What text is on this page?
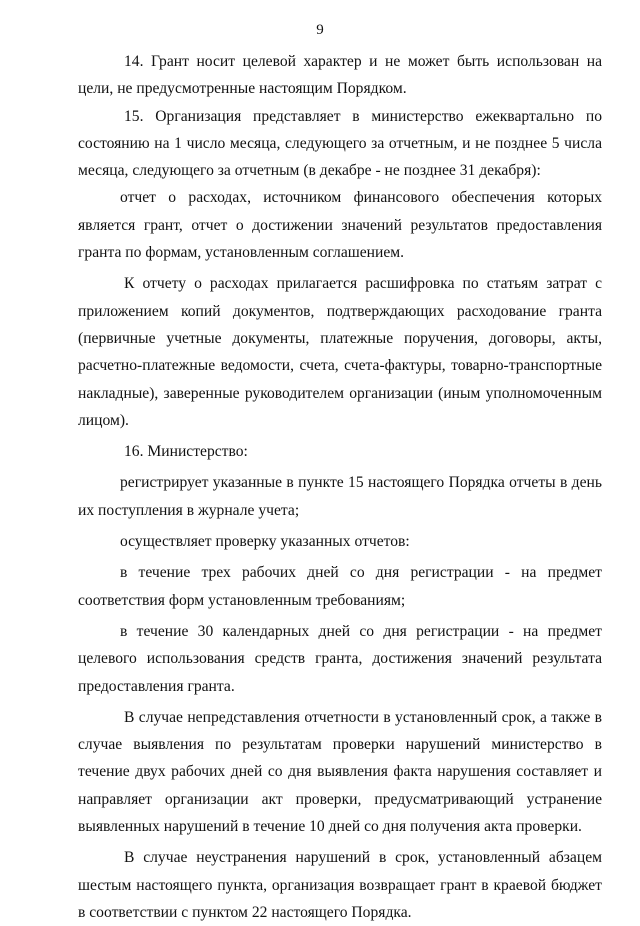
9

14. Грант носит целевой характер и не может быть использован на цели, не предусмотренные настоящим Порядком.

15. Организация представляет в министерство ежеквартально по состоянию на 1 число месяца, следующего за отчетным, и не позднее 5 числа месяца, следующего за отчетным (в декабре - не позднее 31 декабря):

отчет о расходах, источником финансового обеспечения которых является грант, отчет о достижении значений результатов предоставления гранта по формам, установленным соглашением.

К отчету о расходах прилагается расшифровка по статьям затрат с приложением копий документов, подтверждающих расходование гранта (первичные учетные документы, платежные поручения, договоры, акты, расчетно-платежные ведомости, счета, счета-фактуры, товарно-транспортные накладные), заверенные руководителем организации (иным уполномоченным лицом).

16. Министерство:

регистрирует указанные в пункте 15 настоящего Порядка отчеты в день их поступления в журнале учета;

осуществляет проверку указанных отчетов:

в течение трех рабочих дней со дня регистрации - на предмет соответствия форм установленным требованиям;

в течение 30 календарных дней со дня регистрации - на предмет целевого использования средств гранта, достижения значений результата предоставления гранта.

В случае непредставления отчетности в установленный срок, а также в случае выявления по результатам проверки нарушений министерство в течение двух рабочих дней со дня выявления факта нарушения составляет и направляет организации акт проверки, предусматривающий устранение выявленных нарушений в течение 10 дней со дня получения акта проверки.

В случае неустранения нарушений в срок, установленный абзацем шестым настоящего пункта, организация возвращает грант в краевой бюджет в соответствии с пунктом 22 настоящего Порядка.
